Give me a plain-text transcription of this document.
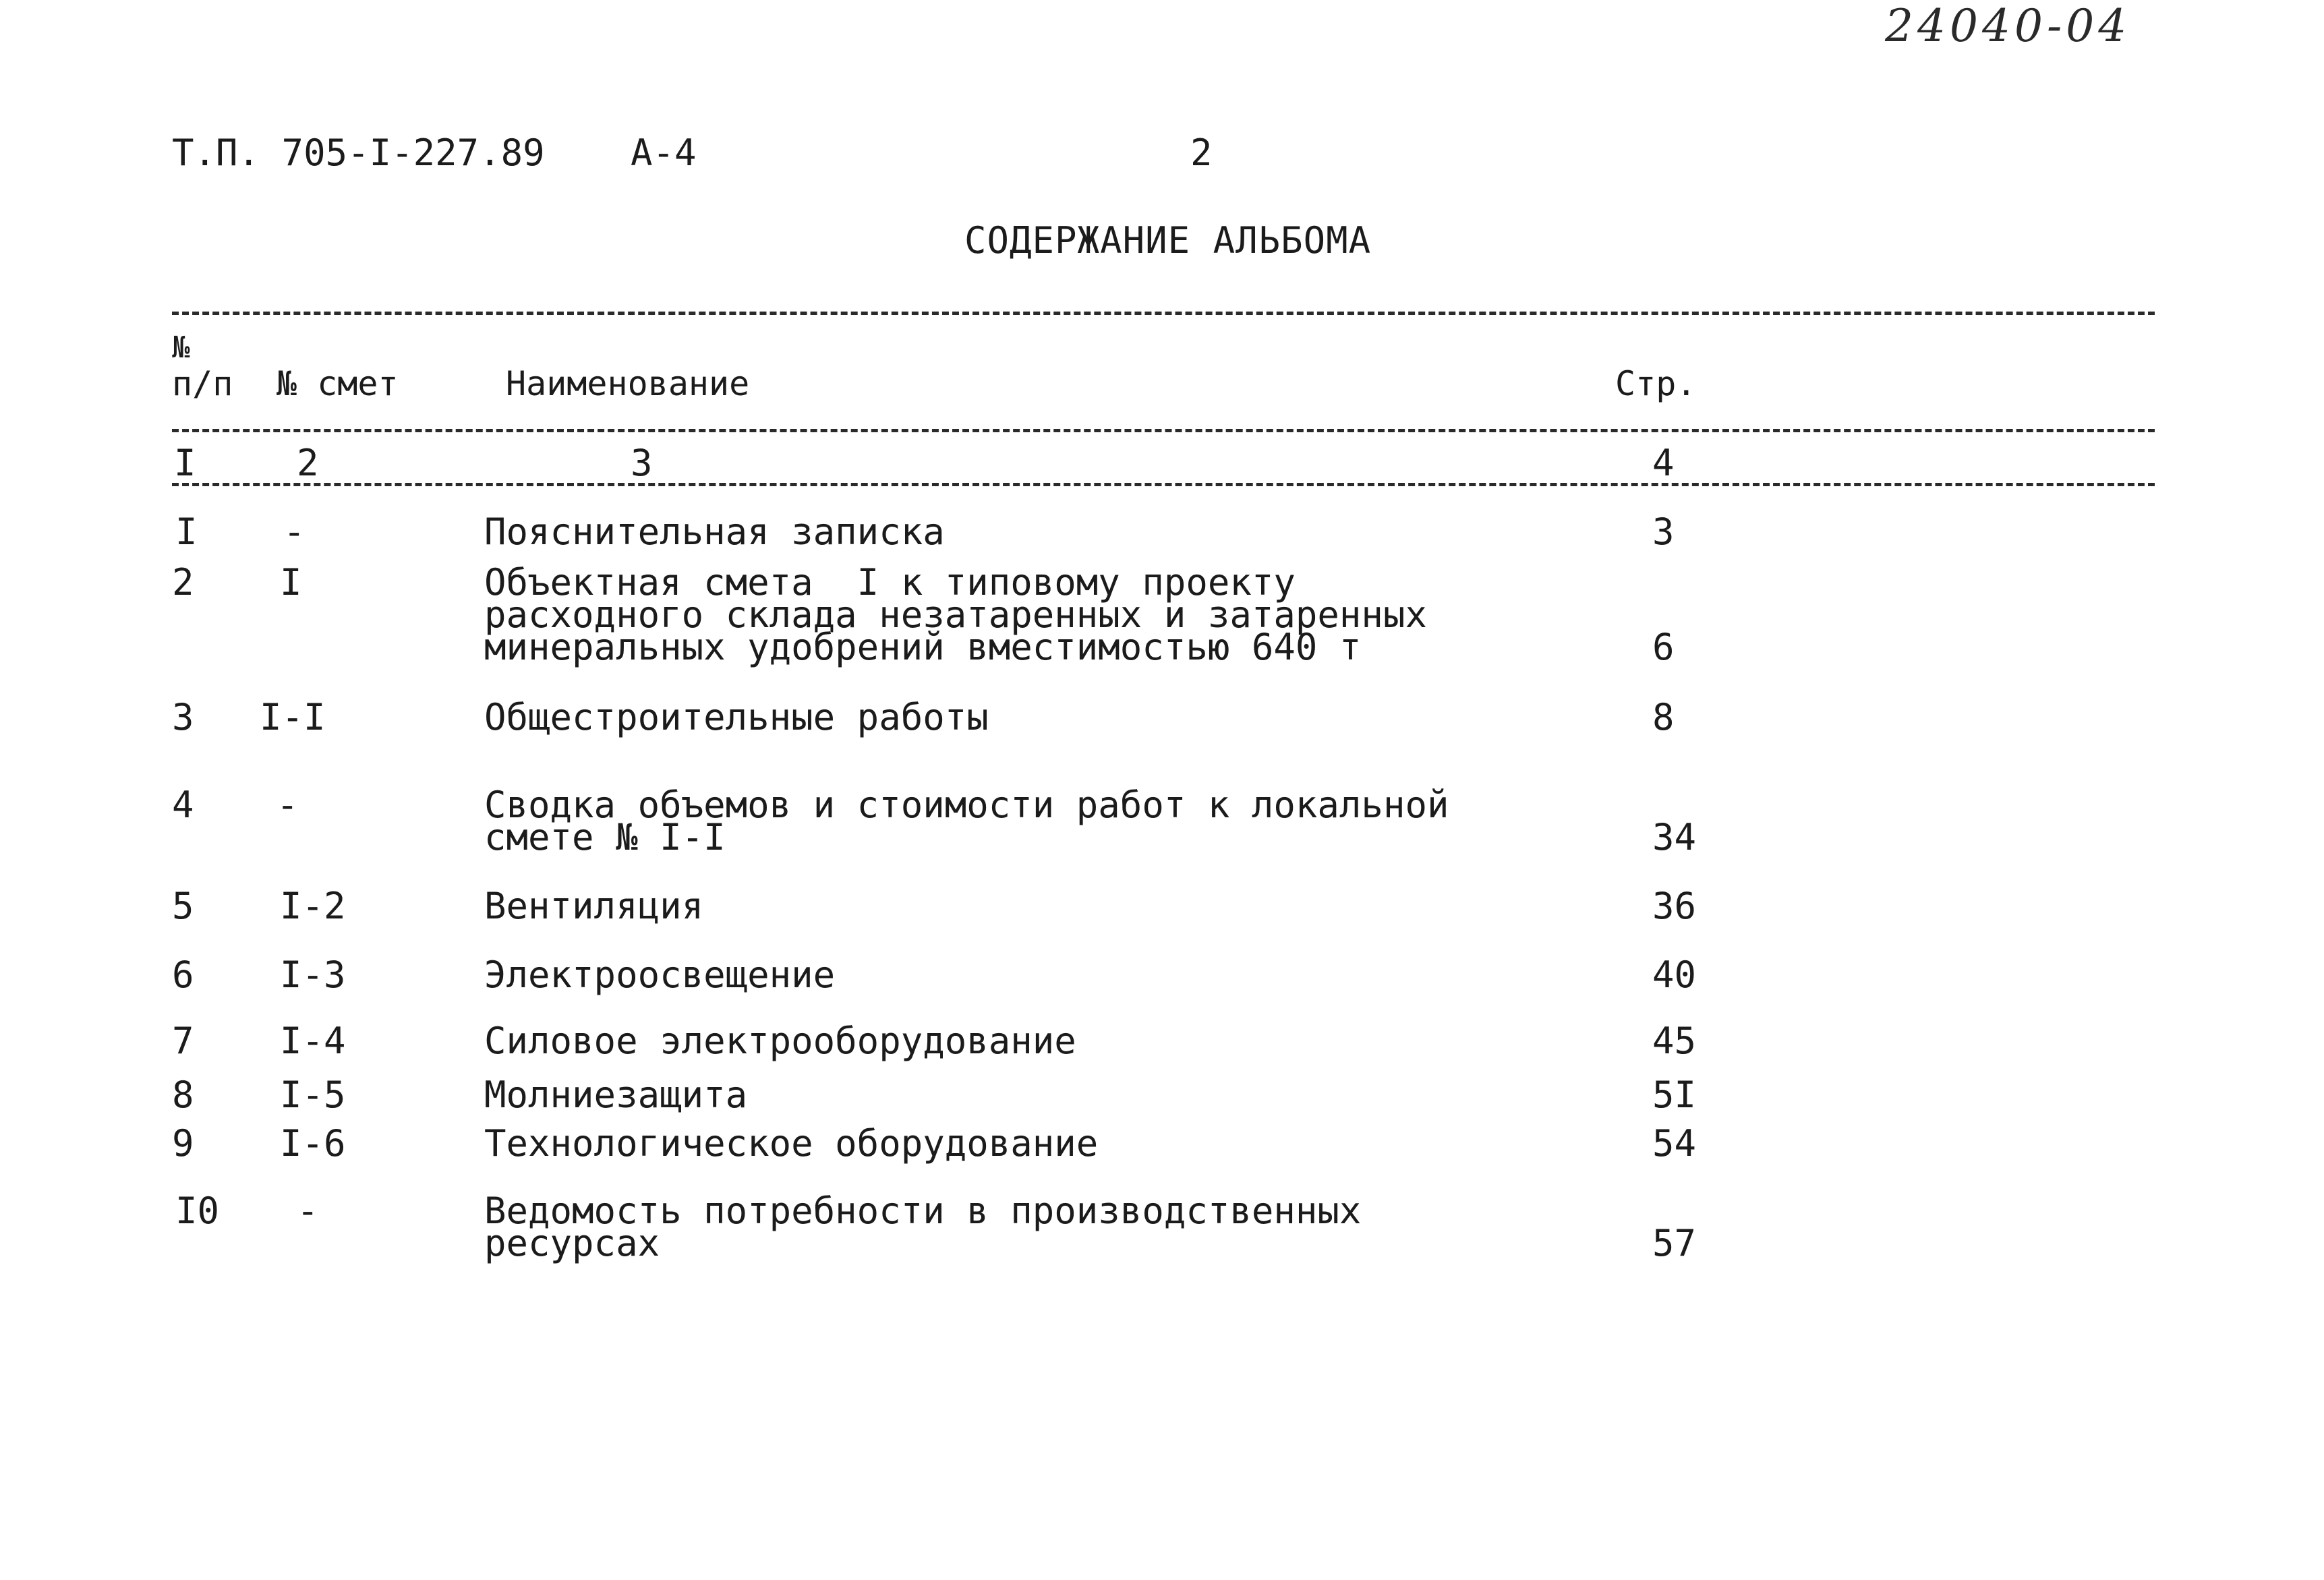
24040-04
Т.П. 705-I-227.89 А-4	2
СОДЕРЖАНИЕ АЛЬБОМА
№
п/п № смет	Наименование	Стр.
I	2	3	4
I -	Пояснительная записка	3
2 I	Объектная смета  I к типовому проекту
расходного склада незатаренных и затаренных
минеральных удобрений вместимостью 640 т	6
3 I-I	Общестроительные работы	8
4 -	Сводка объемов и стоимости работ к локальной
смете № I-I	34
5 I-2	Вентиляция	36
6 I-3	Электроосвещение	40
7 I-4	Силовое электрооборудование	45
8 I-5	Молниезащита	5I
9 I-6	Технологическое оборудование	54
I0 -	Ведомость потребности в производственных
ресурсах	57
